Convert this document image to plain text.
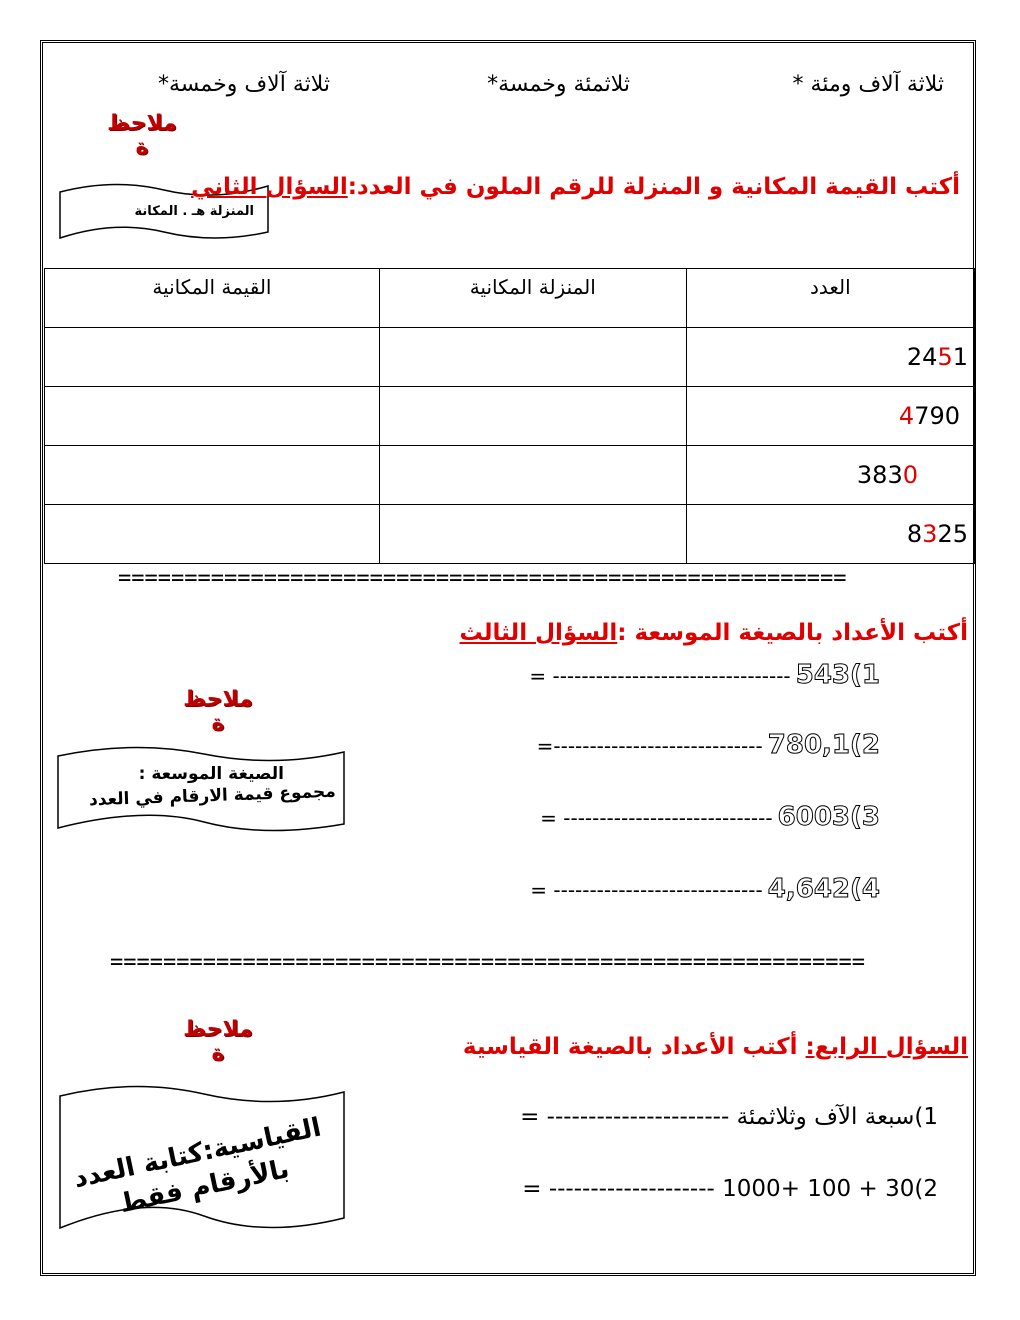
ثلاثة آلاف ومئة *
ثلاثمئة وخمسة*
ثلاثة آلاف وخمسة*
ملاحظ
ة
المنزلة هـ . المكانة
أكتب القيمة المكانية و المنزلة للرقم الملون في العدد:السؤال الثاني
العدد	المنزلة المكانية	القيمة المكانية
2451		
4790		
3830		
8325		
=======================================================
أكتب الأعداد بالصيغة الموسعة :السؤال الثالث
ملاحظ
ة
الصيغة الموسعة :
مجموع قيمة الارقام في العدد
= --------------------------------- 1)543
=----------------------------- 2)780,1
= ----------------------------- 3)6003
= ----------------------------- 4)4,642
=========================================================
ملاحظ
ة	السؤال الرابع: أكتب الأعداد بالصيغة القياسية
القياسية:كتابة العدد بالأرقام فقط
= ---------------------- 1)سبعة الآف وثلاثمئة
= -------------------- 2)30 + 100 +1000
